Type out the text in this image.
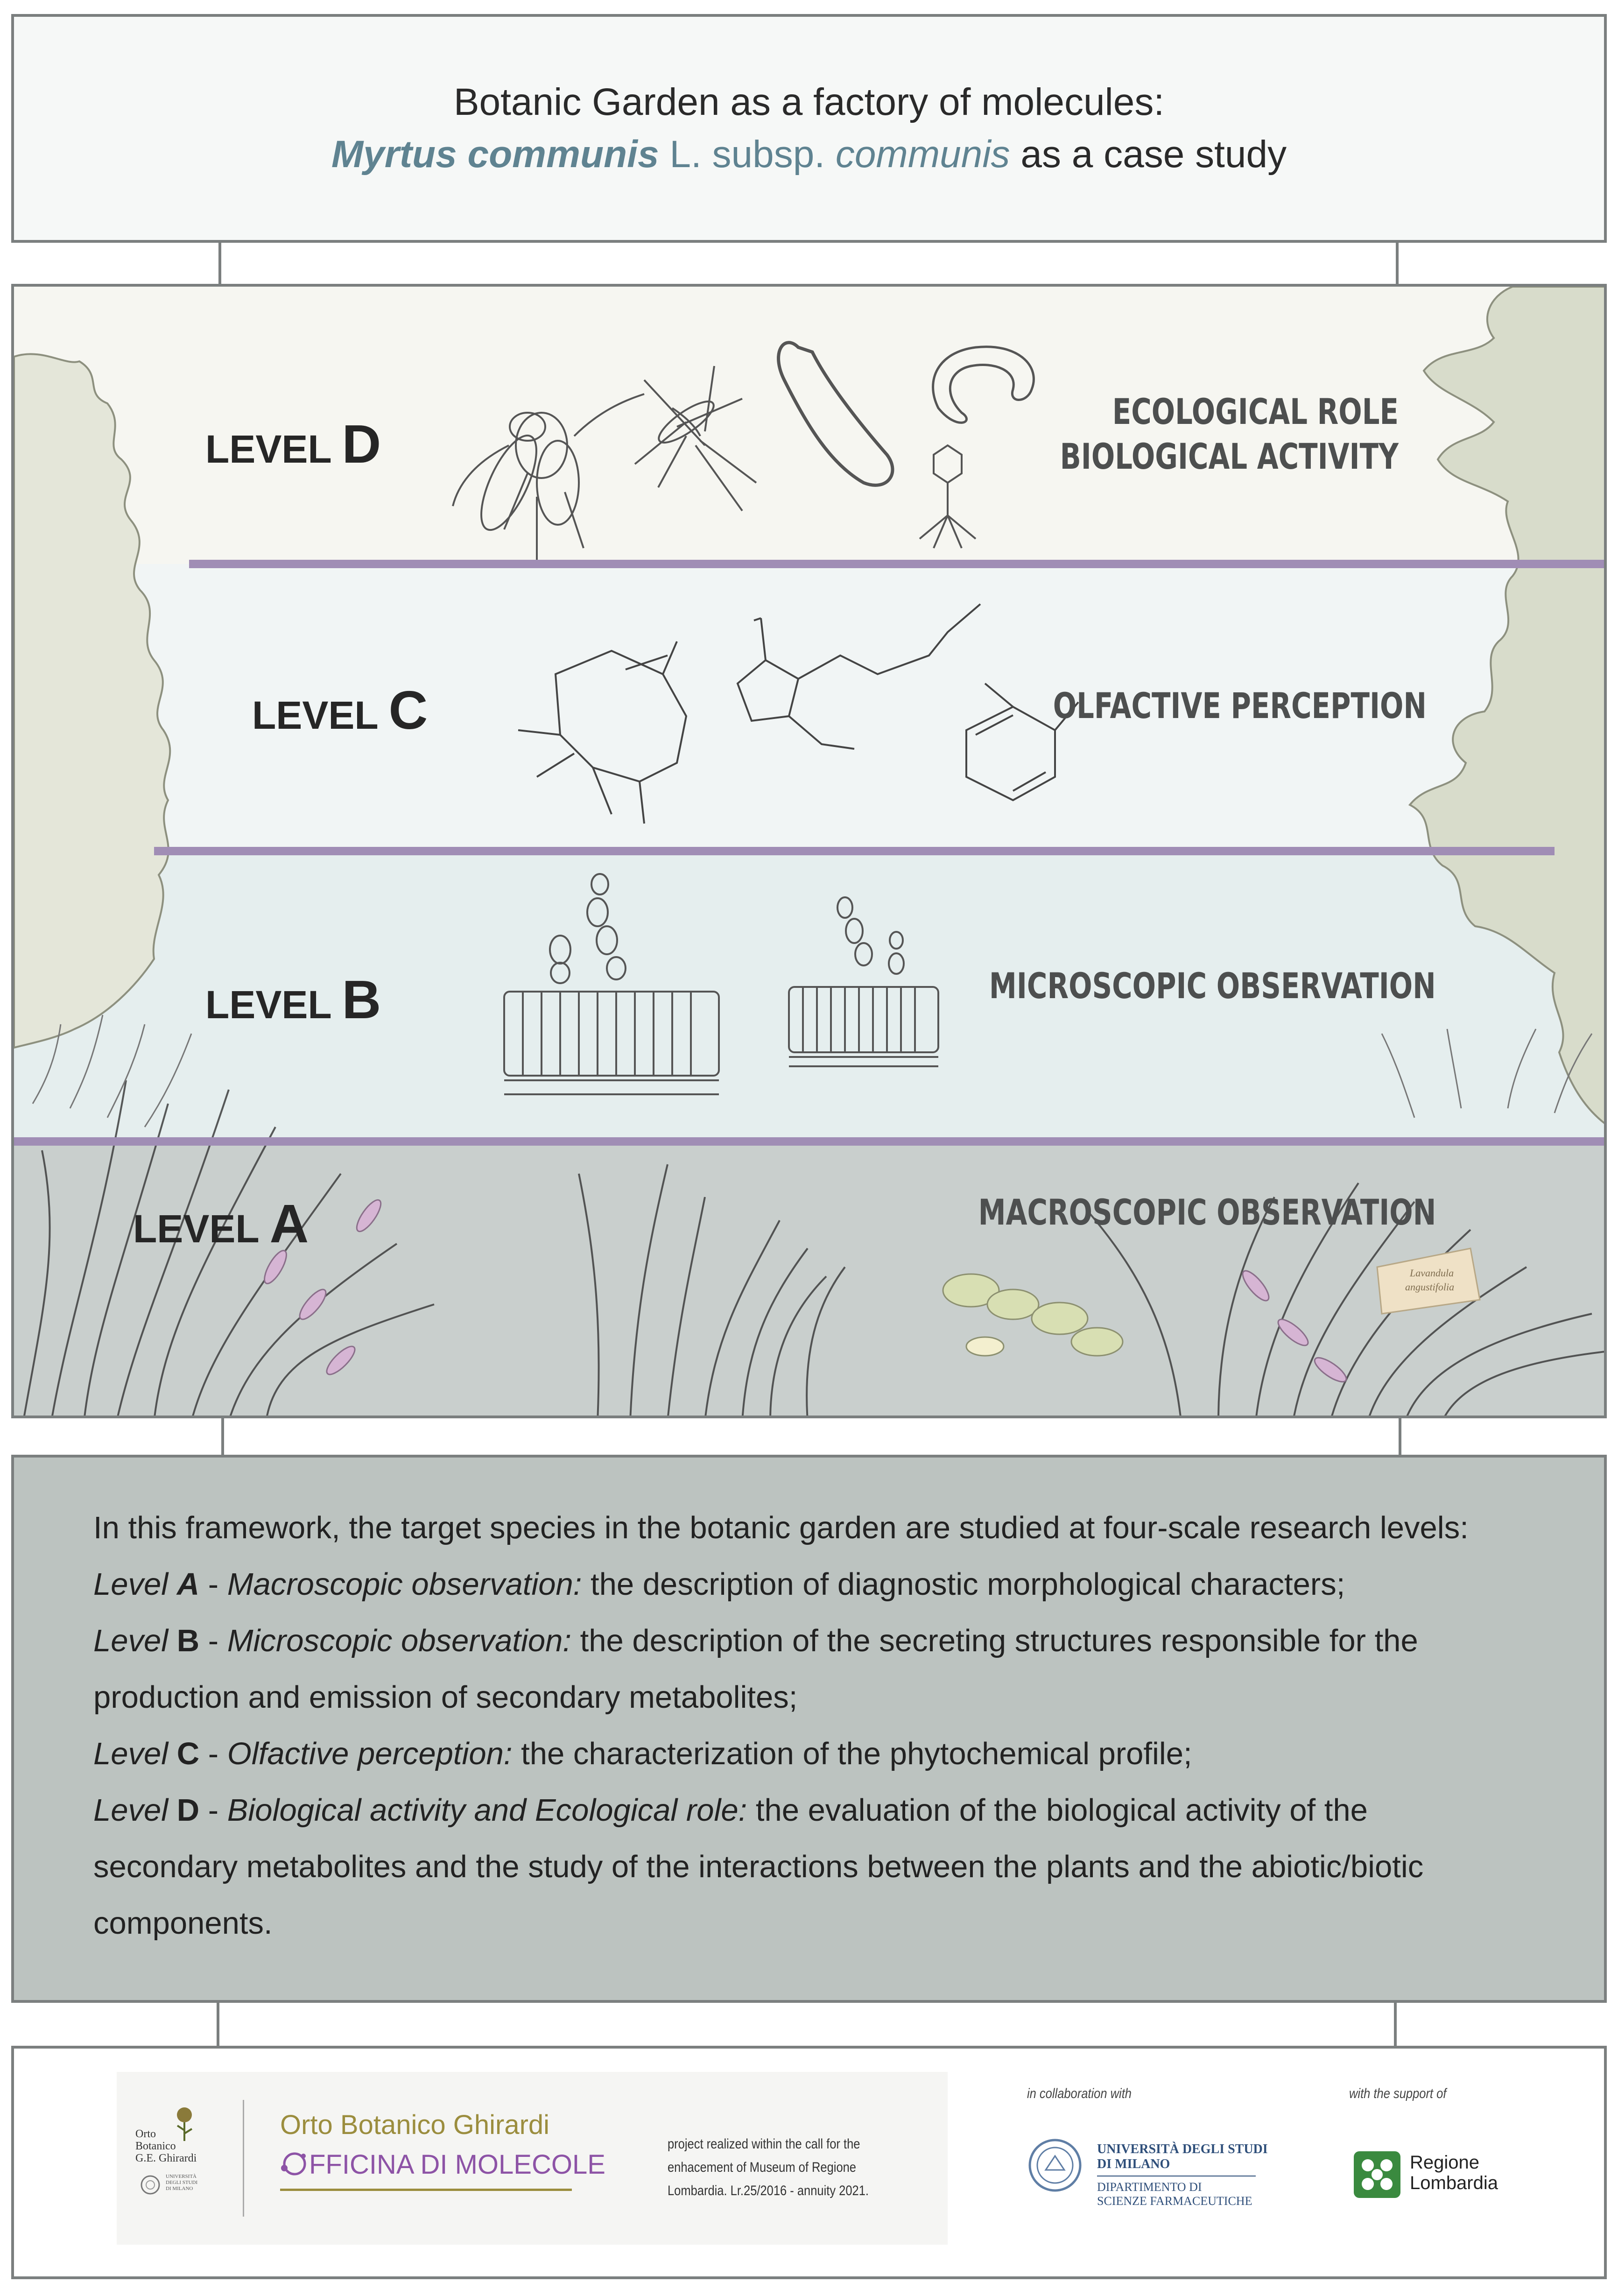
Botanic Garden as a factory of molecules:
Myrtus communis L. subsp. communis as a case study
Lavandula
angustifolia
LEVEL D
LEVEL C
LEVEL B
LEVEL A
ECOLOGICAL ROLE
BIOLOGICAL ACTIVITY
OLFACTIVE PERCEPTION
MICROSCOPIC OBSERVATION
MACROSCOPIC OBSERVATION
In this framework, the target species in the botanic garden are studied at four-scale research levels:
Level A - Macroscopic observation: the description of diagnostic morphological characters;
Level B - Microscopic observation: the description of the secreting structures responsible for the
production and emission of secondary metabolites;
Level C - Olfactive perception: the characterization of the phytochemical profile;
Level D - Biological activity and Ecological role: the evaluation of the biological activity of the
secondary metabolites and the study of the interactions between the plants and the abiotic/biotic
components.
Orto
Botanico
G.E. Ghirardi
UNIVERSITÀ
DEGLI STUDI
DI MILANO
Orto Botanico Ghirardi
FFICINA DI MOLECOLE
project realized within the call for the
enhacement of Museum of Regione
Lombardia. Lr.25/2016 - annuity 2021.
in collaboration with
UNIVERSITÀ DEGLI STUDI
DI MILANO
DIPARTIMENTO DI
SCIENZE FARMACEUTICHE
with the support of
Regione
Lombardia
